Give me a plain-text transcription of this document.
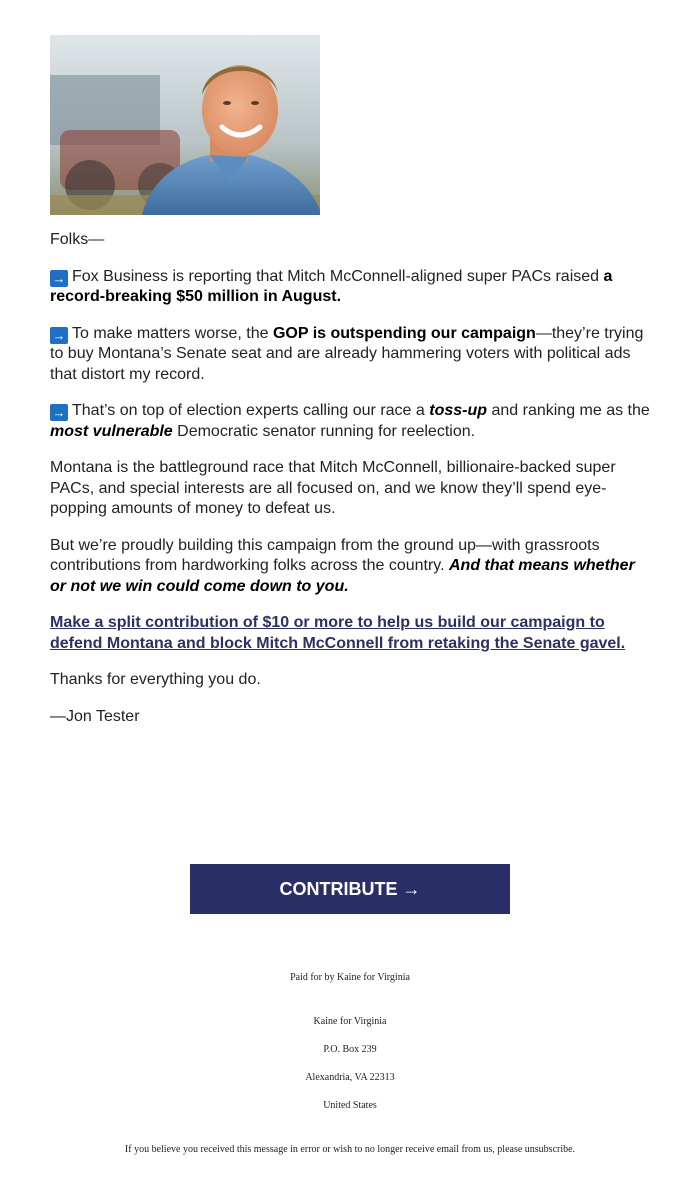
Folks—

→ Fox Business is reporting that Mitch McConnell-aligned super PACs raised a record-breaking $50 million in August.

→ To make matters worse, the GOP is outspending our campaign—they’re trying to buy Montana’s Senate seat and are already hammering voters with political ads that distort my record.

→ That’s on top of election experts calling our race a toss-up and ranking me as the most vulnerable Democratic senator running for reelection.

Montana is the battleground race that Mitch McConnell, billionaire-backed super PACs, and special interests are all focused on, and we know they’ll spend eye-popping amounts of money to defeat us.

But we’re proudly building this campaign from the ground up—with grassroots contributions from hardworking folks across the country. And that means whether or not we win could come down to you.

Make a split contribution of $10 or more to help us build our campaign to defend Montana and block Mitch McConnell from retaking the Senate gavel.

Thanks for everything you do.

—Jon Tester

CONTRIBUTE →
Paid for by Kaine for Virginia
Kaine for Virginia
P.O. Box 239
Alexandria, VA 22313
United States
If you believe you received this message in error or wish to no longer receive email from us, please unsubscribe.
